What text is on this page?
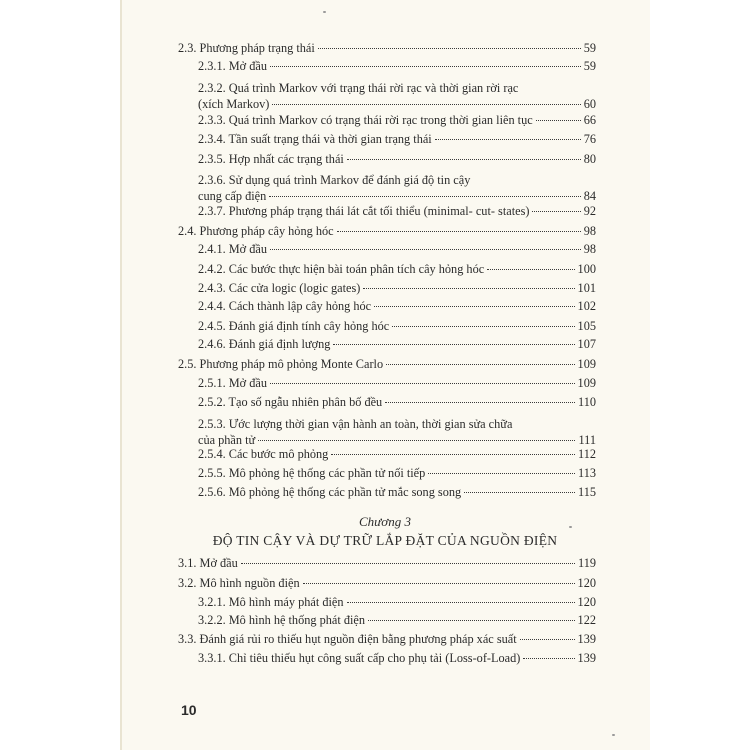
2.3. Phương pháp trạng thái	59
2.3.1. Mở đầu	59
2.3.2. Quá trình Markov với trạng thái rời rạc và thời gian rời rạc
(xích Markov)	60
2.3.3. Quá trình Markov có trạng thái rời rạc trong thời gian liên tục	66
2.3.4. Tần suất trạng thái và thời gian trạng thái	76
2.3.5. Hợp nhất các trạng thái	80
2.3.6. Sử dụng quá trình Markov để đánh giá độ tin cậy
cung cấp điện	84
2.3.7. Phương pháp trạng thái lát cắt tối thiểu (minimal- cut- states)	92
2.4. Phương pháp cây hỏng hóc	98
2.4.1. Mở đầu	98
2.4.2. Các bước thực hiện bài toán phân tích cây hỏng hóc	100
2.4.3. Các cửa logic (logic gates)	101
2.4.4. Cách thành lập cây hỏng hóc	102
2.4.5. Đánh giá định tính cây hỏng hóc	105
2.4.6. Đánh giá định lượng	107
2.5. Phương pháp mô phỏng Monte Carlo	109
2.5.1. Mở đầu	109
2.5.2. Tạo số ngẫu nhiên phân bố đều	110
2.5.3. Ước lượng thời gian vận hành an toàn, thời gian sửa chữa
của phần tử	111
2.5.4. Các bước mô phỏng	112
2.5.5. Mô phỏng hệ thống các phần tử nối tiếp	113
2.5.6. Mô phỏng hệ thống các phần tử mắc song song	115
3.1. Mở đầu	119
3.2. Mô hình nguồn điện	120
3.2.1. Mô hình máy phát điện	120
3.2.2. Mô hình hệ thống phát điện	122
3.3. Đánh giá rủi ro thiếu hụt nguồn điện bằng phương pháp xác suất	139
3.3.1. Chỉ tiêu thiếu hụt công suất cấp cho phụ tải (Loss-of-Load)	139
Chương 3
ĐỘ TIN CẬY VÀ DỰ TRỮ LẮP ĐẶT CỦA NGUỒN ĐIỆN
10
